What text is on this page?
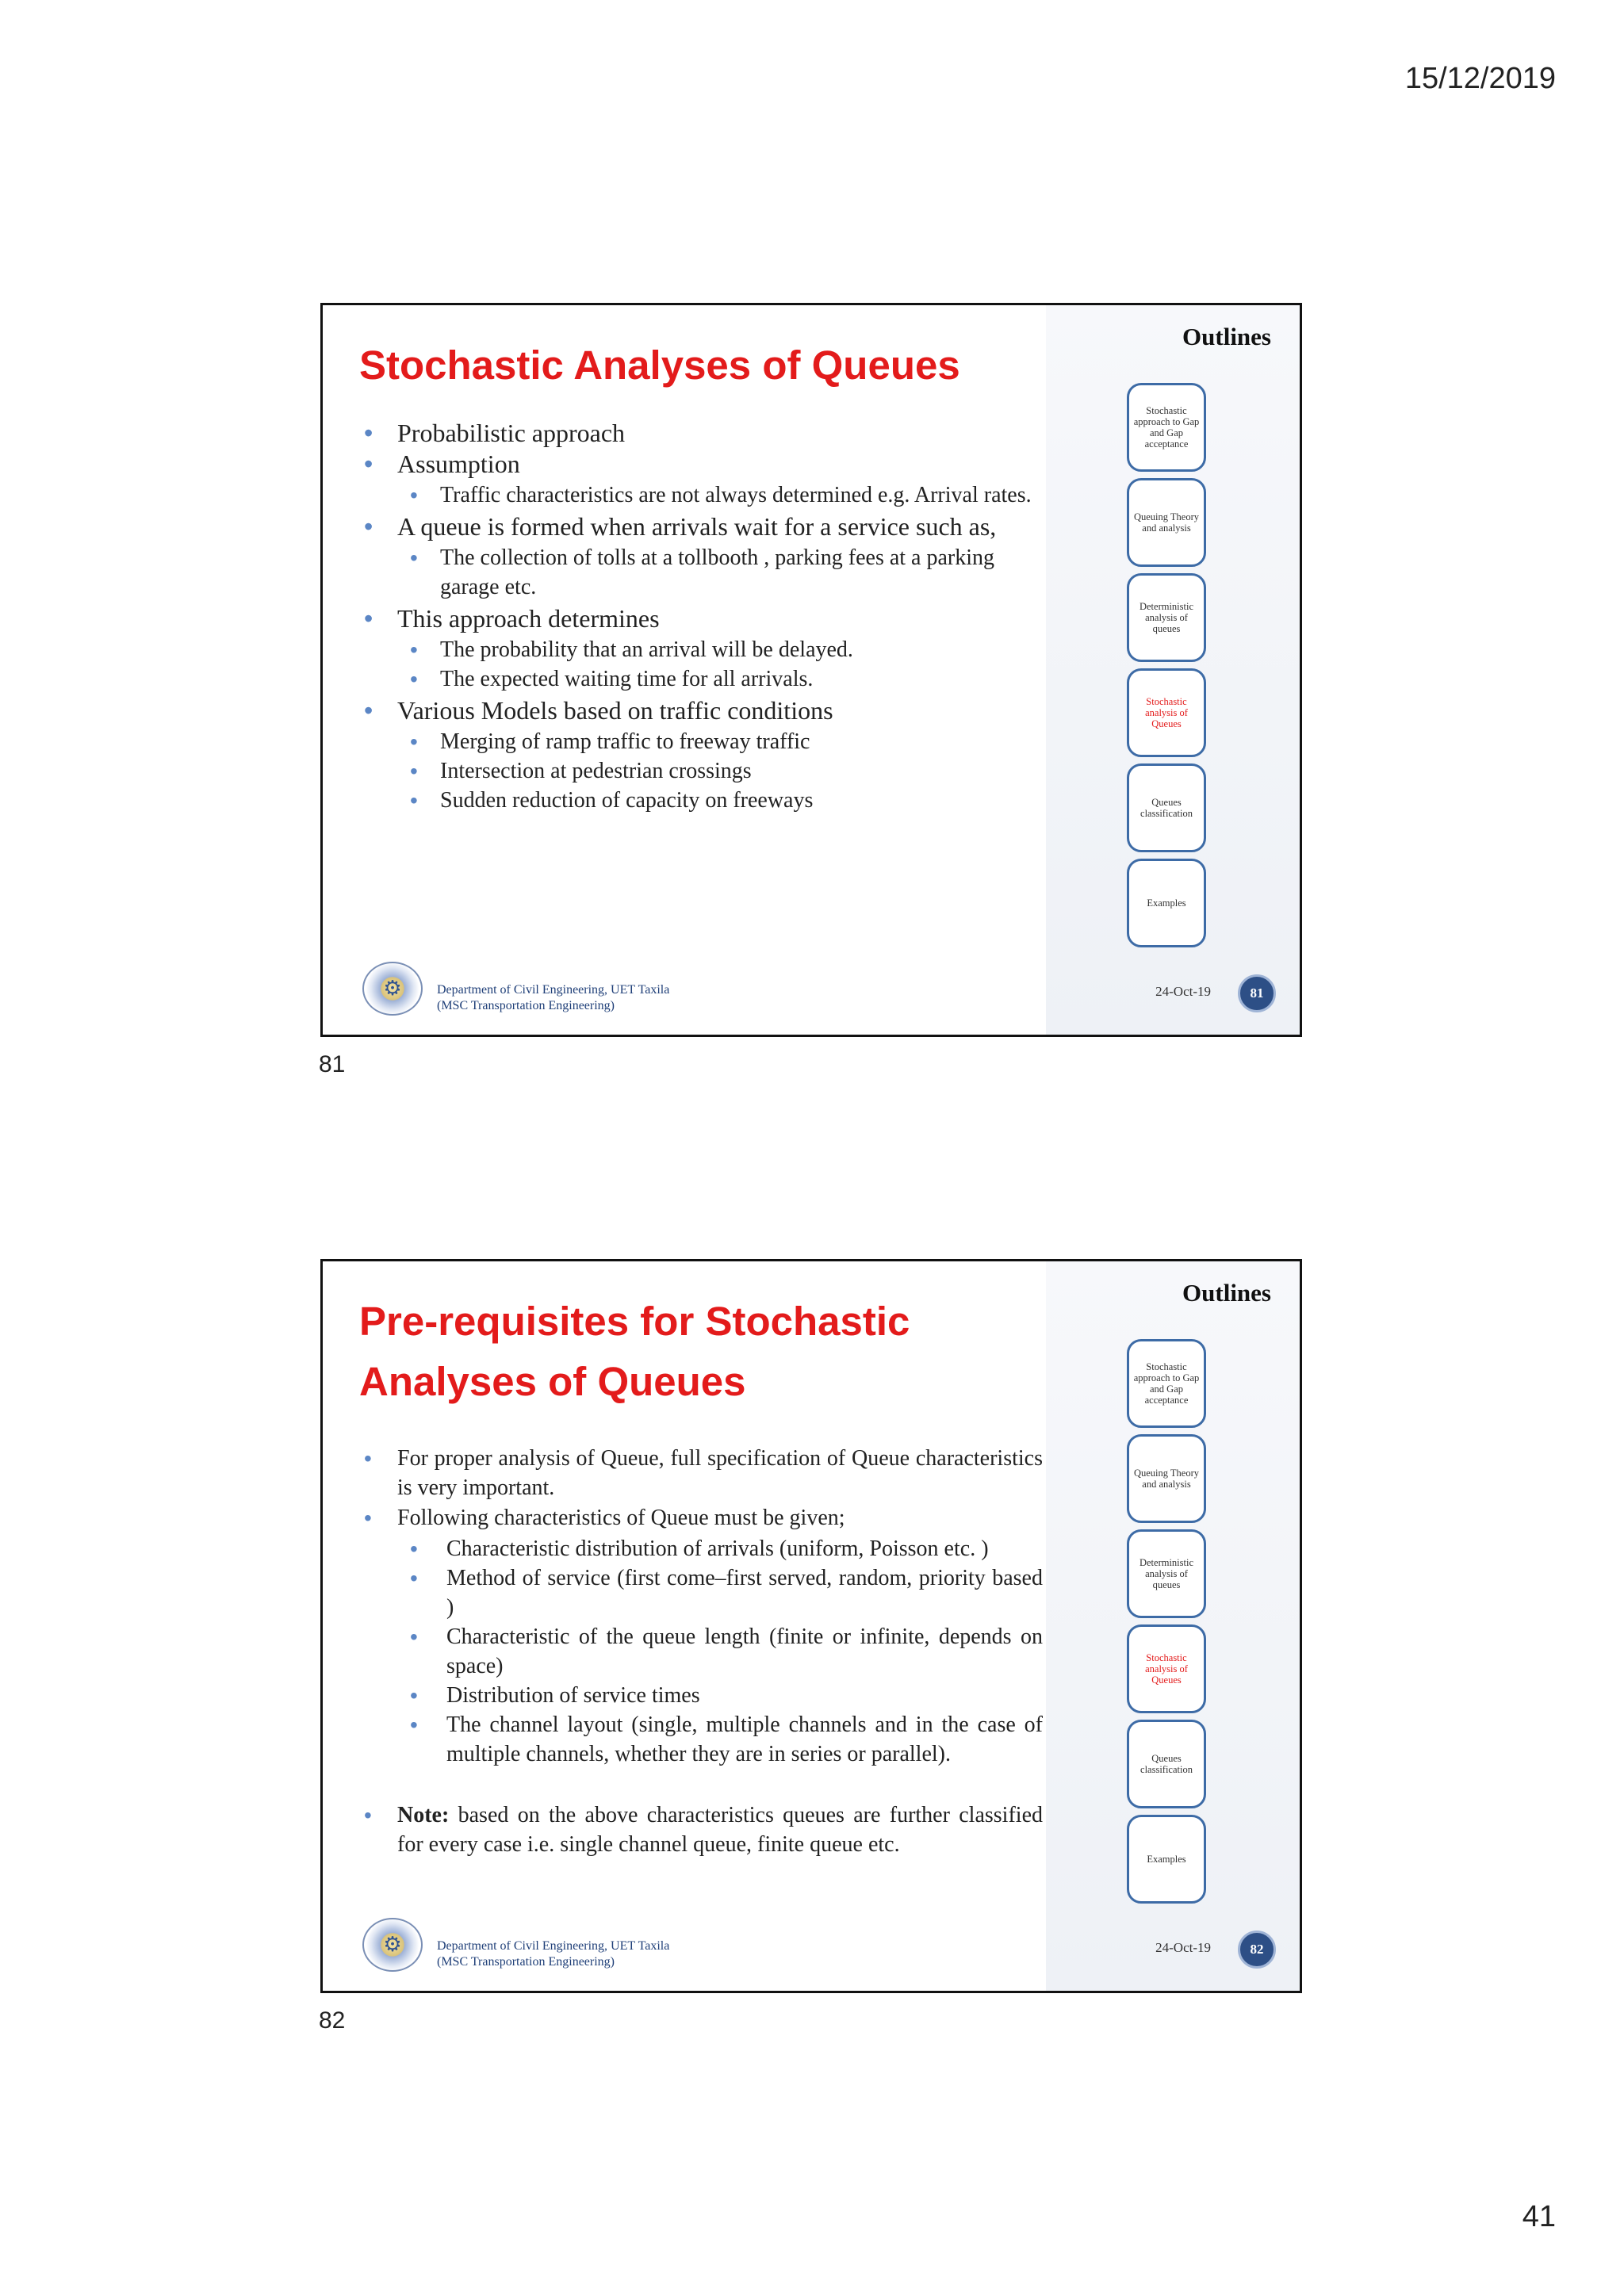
15/12/2019
Stochastic Analyses of Queues
• Probabilistic approach
• Assumption
• Traffic characteristics are not always determined e.g. Arrival rates.
• A queue is formed when arrivals wait for a service such as,
• The collection of tolls at a tollbooth , parking fees at a parking garage etc.
• This approach determines
• The probability that an arrival will be delayed.
• The expected waiting time for all arrivals.
• Various Models based on traffic conditions
• Merging of ramp traffic to freeway traffic
• Intersection at pedestrian crossings
• Sudden reduction of capacity on freeways
Outlines
Stochastic approach to Gap and Gap acceptance
Queuing Theory and analysis
Deterministic analysis of queues
Stochastic analysis of Queues
Queues classification
Examples
⚙	Department of Civil Engineering, UET Taxila
(MSC Transportation Engineering)
24-Oct-19	81
81
Pre-requisites for Stochastic
Analyses of Queues
• For proper analysis of Queue, full specification of Queue characteristics is very important.
• Following characteristics of Queue must be given;
• Characteristic distribution of arrivals (uniform, Poisson etc. )
• Method of service (first come–first served, random, priority based )
• Characteristic of the queue length (finite or infinite, depends on space)
• Distribution of service times
• The channel layout (single, multiple channels and in the case of multiple channels, whether they are in series or parallel).
• Note: based on the above characteristics queues are further classified for every case i.e. single channel queue, finite queue etc.
Outlines
Stochastic approach to Gap and Gap acceptance
Queuing Theory and analysis
Deterministic analysis of queues
Stochastic analysis of Queues
Queues classification
Examples
⚙	Department of Civil Engineering, UET Taxila
(MSC Transportation Engineering)
24-Oct-19	82
82
41
